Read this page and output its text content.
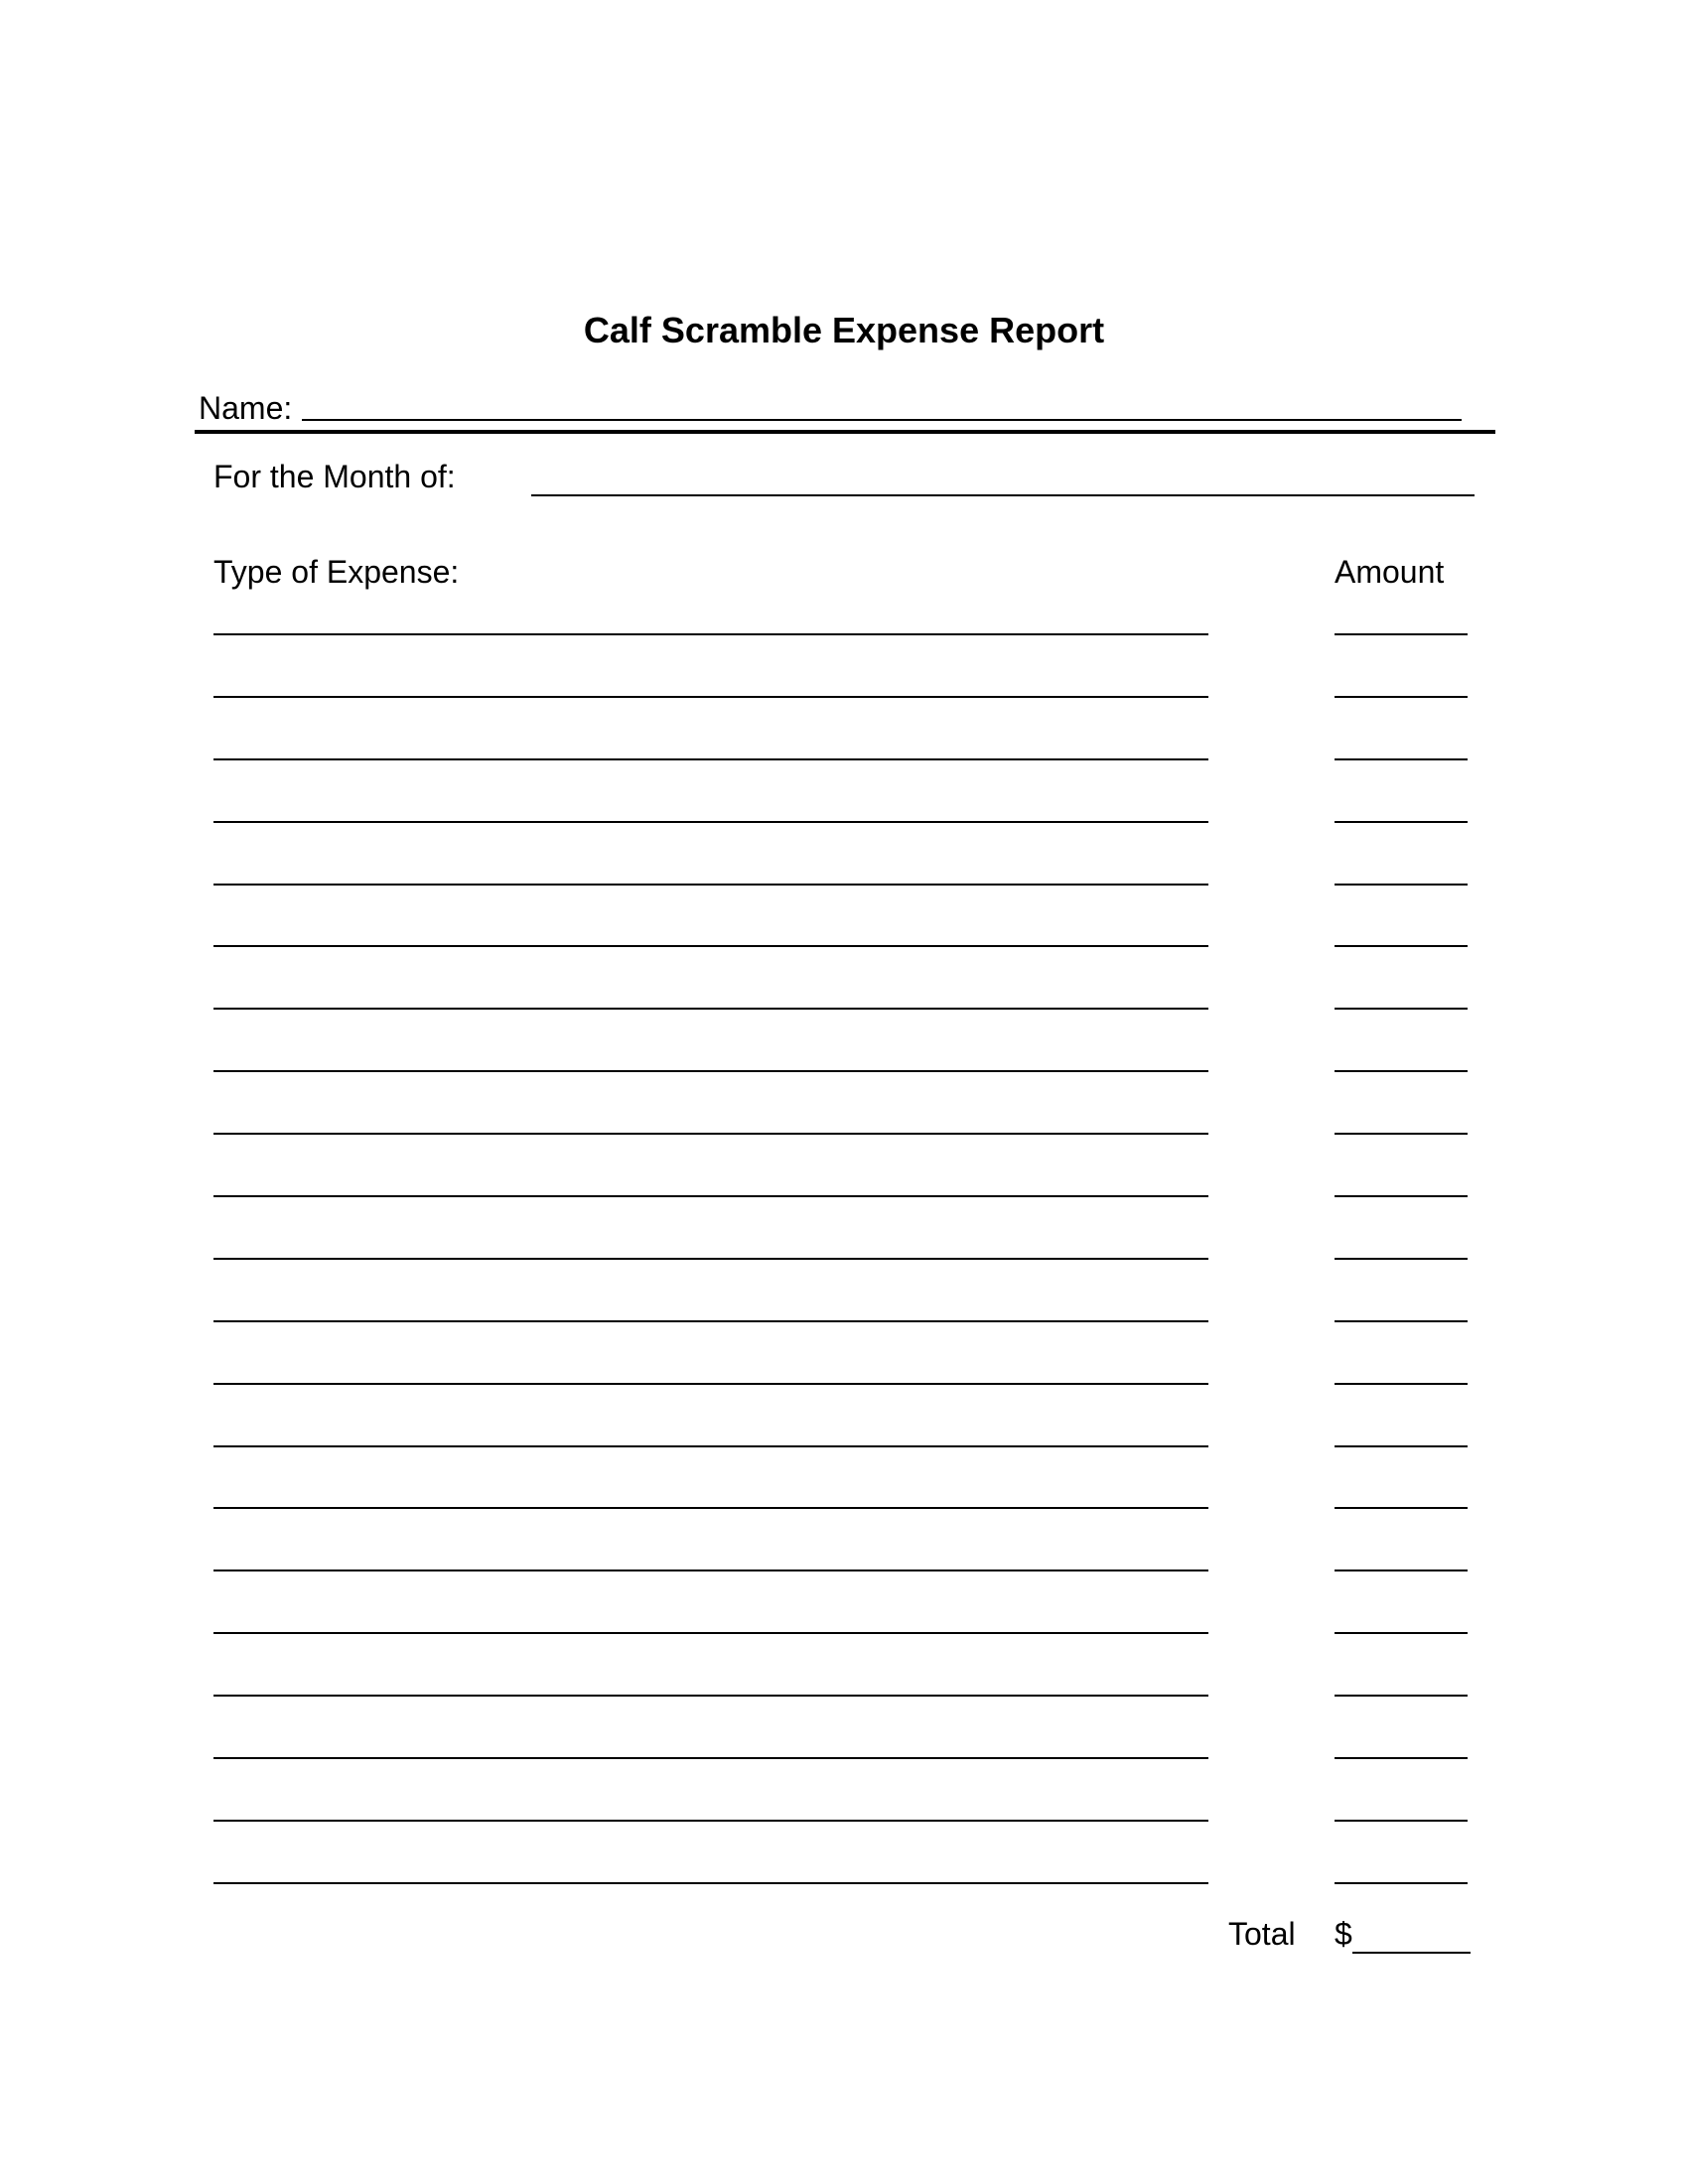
Calf Scramble Expense Report
Name:
For the Month of:
Type of Expense:	Amount
Total $
